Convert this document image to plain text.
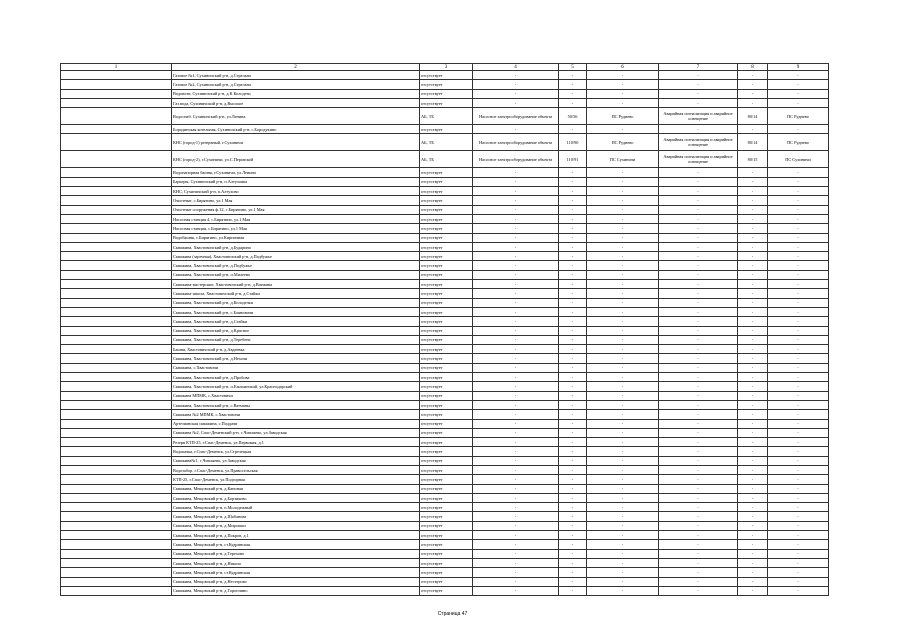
1	2	3	4	5	6	7	8	9
	Газовое №1, Сухиничский р-н, д.Стрельна	отсутствует	-	-	-	-	-	-
	Газовое №2, Сухиничский р-н, д.Стрельна	отсутствует	-	-	-	-	-	-
	Водовозн, Сухиничский р-н, д.К Колодези	отсутствует	-	-	-	-	-	-
	Газ.вода, Сухиничский р-н, д.Высокое	отсутствует	-	-	-	-	-	-
	Водоснаб. Сухиничский р-н, ул.Ленина	АБ, ТБ	Насосное электрооборудование объекта	50/56	ПС Руднево	Аварийная сигнализация и аварийное освещение	80/14	ПС Руднево
	Бородинская котельная, Сухиничский р-н, с.Бородукино	отсутствует	-	-	-	-	-	-
	КНС (город-1) резервный, г.Сухиничи	АБ, ТБ	Насосное электрооборудование объекта	110/90	ПС Руднево	Аварийная сигнализация и аварийное освещение	80/14	ПС Руднево
	КНС (город-2), г.Сухиничи, ул.С.Перовской	АБ, ТБ	Насосное электрооборудование объекта	110/91	ПС Сухиничи	Аварийная сигнализация и аварийное освещение	80/15	ПС Сухиничи
	Водонапорная башня, г.Сухиничи, ул.Ленина	отсутствует	-	-	-	-	-	-
	Барьеры, Сухиничский р-н, п.Алтуховка	отсутствует	-	-	-	-	-	-
	КНС, Сухиничский р-н, п.Алтухово	отсутствует	-	-	-	-	-	-
	Очистные, с.Бирятино, ул.1 Мая	отсутствует	-	-	-	-	-	-
	Очистные сооружения ф.12, с.Бирятино, ул.1 Мая	отсутствует	-	-	-	-	-	-
	Насосная станция 4, с.Бирятино, ул.1 Мая	отсутствует	-	-	-	-	-	-
	Насосная станция, с.Бирятино, ул.1 Мая	отсутствует	-	-	-	-	-	-
	Водобашня, с.Бирятино, ул.Кирпичная	отсутствует	-	-	-	-	-	-
	Скважина, Хвастовичский р-н, д.Бударино	отсутствует	-	-	-	-	-	-
	Скважина (заречная), Хвастовичский р-н, д.Подбужье	отсутствует	-	-	-	-	-	-
	Скважина, Хвастовичский р-н, д.Подбужье	отсутствует	-	-	-	-	-	-
	Скважина, Хвастовичский р-н, п.Милеево	отсутствует	-	-	-	-	-	-
	Скважина-мастерские, Хвастовичский р-н, д.Ватманы	отсутствует	-	-	-	-	-	-
	Скважина-школа, Хвастовичский р-н, д.Стайки	отсутствует	-	-	-	-	-	-
	Скважина, Хвастовичский р-н, д.Колодезки	отсутствует	-	-	-	-	-	-
	Скважина, Хвастовичский р-н, с.Бояновичи	отсутствует	-	-	-	-	-	-
	Скважина, Хвастовичский р-н, д.Стайки	отсутствует	-	-	-	-	-	-
	Скважина, Хвастовичский р-н, д.Красное	отсутствует	-	-	-	-	-	-
	Скважина, Хвастовичский р-н, д.Теребень	отсутствует	-	-	-	-	-	-
	Башня, Хвастовичский р-н, д.Авдеевка	отсутствует	-	-	-	-	-	-
	Скважина, Хвастовичский р-н, д.Нехочи	отсутствует	-	-	-	-	-	-
	Скважина, с.Хвастовичи	отсутствует	-	-	-	-	-	-
	Скважина, Хвастовичский р-н, д.Пробова	отсутствует	-	-	-	-	-	-
	Скважина, Хвастовичский р-н, п.Ежихинский, ул.Краснодарский	отсутствует	-	-	-	-	-	-
	Скважина МПМК, с.Хвастовичи	отсутствует	-	-	-	-	-	-
	Скважина, Хвастовичский р-н, с.Ватманы	отсутствует	-	-	-	-	-	-
	Скважина №2 МПМК, с.Хвастовичи	отсутствует	-	-	-	-	-	-
	Артезианская скважина, с.Поддачи	отсутствует	-	-	-	-	-	-
	Скважина №2, Спас-Деменский р-н, с.Чипляево, ул.Заводская	отсутствует	-	-	-	-	-	-
	Резерв КТП-25, г.Спас-Деменск, ул.Первомая, д.1	отсутствует	-	-	-	-	-	-
	Водокачка, г.Спас-Деменск, ул.Стрелецкая	отсутствует	-	-	-	-	-	-
	Скважина№1, с.Чипляево, ул.Заводская	отсутствует	-	-	-	-	-	-
	Водозабор, г.Спас-Деменск, ул.Правосельская	отсутствует	-	-	-	-	-	-
	КТП-25, г.Спас-Деменск, ул.Подгорная	отсутствует	-	-	-	-	-	-
	Скважина, Мещовский р-н, д.Каноная	отсутствует	-	-	-	-	-	-
	Скважина, Мещовский р-н, д.Борзиково	отсутствует	-	-	-	-	-	-
	Скважина, Мещовский р-н, п.Молодежный	отсутствует	-	-	-	-	-	-
	Скважина, Мещовский р-н, д.Шабанова	отсутствует	-	-	-	-	-	-
	Скважина, Мещовский р-н, д.Мирошки	отсутствует	-	-	-	-	-	-
	Скважина, Мещовский р-н, д.Покров, д.1	отсутствует	-	-	-	-	-	-
	Скважина, Мещовский р-н, ст.Кудринская	отсутствует	-	-	-	-	-	-
	Скважина, Мещовский р-н, д.Терехово	отсутствует	-	-	-	-	-	-
	Скважина, Мещовский р-н, д.Николо	отсутствует	-	-	-	-	-	-
	Скважина, Мещовский р-н, ст.Кудринская	отсутствует	-	-	-	-	-	-
	Скважина, Мещовский р-н, д.Нестерово	отсутствует	-	-	-	-	-	-
	Скважина, Мещовский р-н, д.Торопчино	отсутствует	-	-	-	-	-	-
Страница 47
